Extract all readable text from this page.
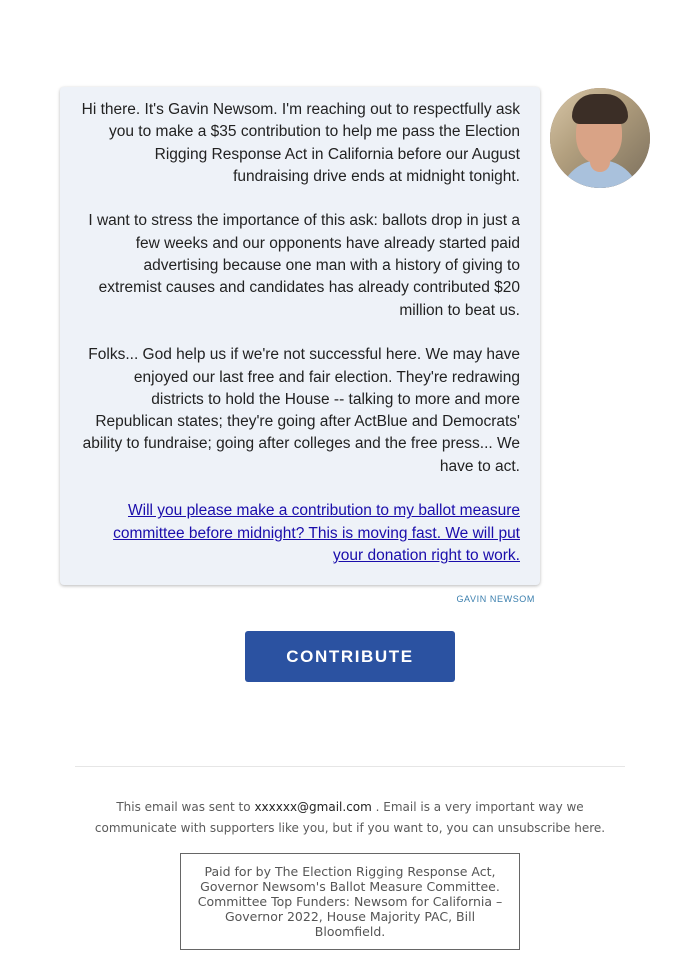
Hi there. It's Gavin Newsom. I'm reaching out to respectfully ask you to make a $35 contribution to help me pass the Election Rigging Response Act in California before our August fundraising drive ends at midnight tonight.

I want to stress the importance of this ask: ballots drop in just a few weeks and our opponents have already started paid advertising because one man with a history of giving to extremist causes and candidates has already contributed $20 million to beat us.

Folks... God help us if we're not successful here. We may have enjoyed our last free and fair election. They're redrawing districts to hold the House -- talking to more and more Republican states; they're going after ActBlue and Democrats' ability to fundraise; going after colleges and the free press... We have to act.

Will you please make a contribution to my ballot measure committee before midnight? This is moving fast. We will put your donation right to work.

GAVIN NEWSOM
CONTRIBUTE
This email was sent to xxxxxx@gmail.com . Email is a very important way we communicate with supporters like you, but if you want to, you can unsubscribe here.
Paid for by The Election Rigging Response Act, Governor Newsom's Ballot Measure Committee. Committee Top Funders: Newsom for California – Governor 2022, House Majority PAC, Bill Bloomfield.
